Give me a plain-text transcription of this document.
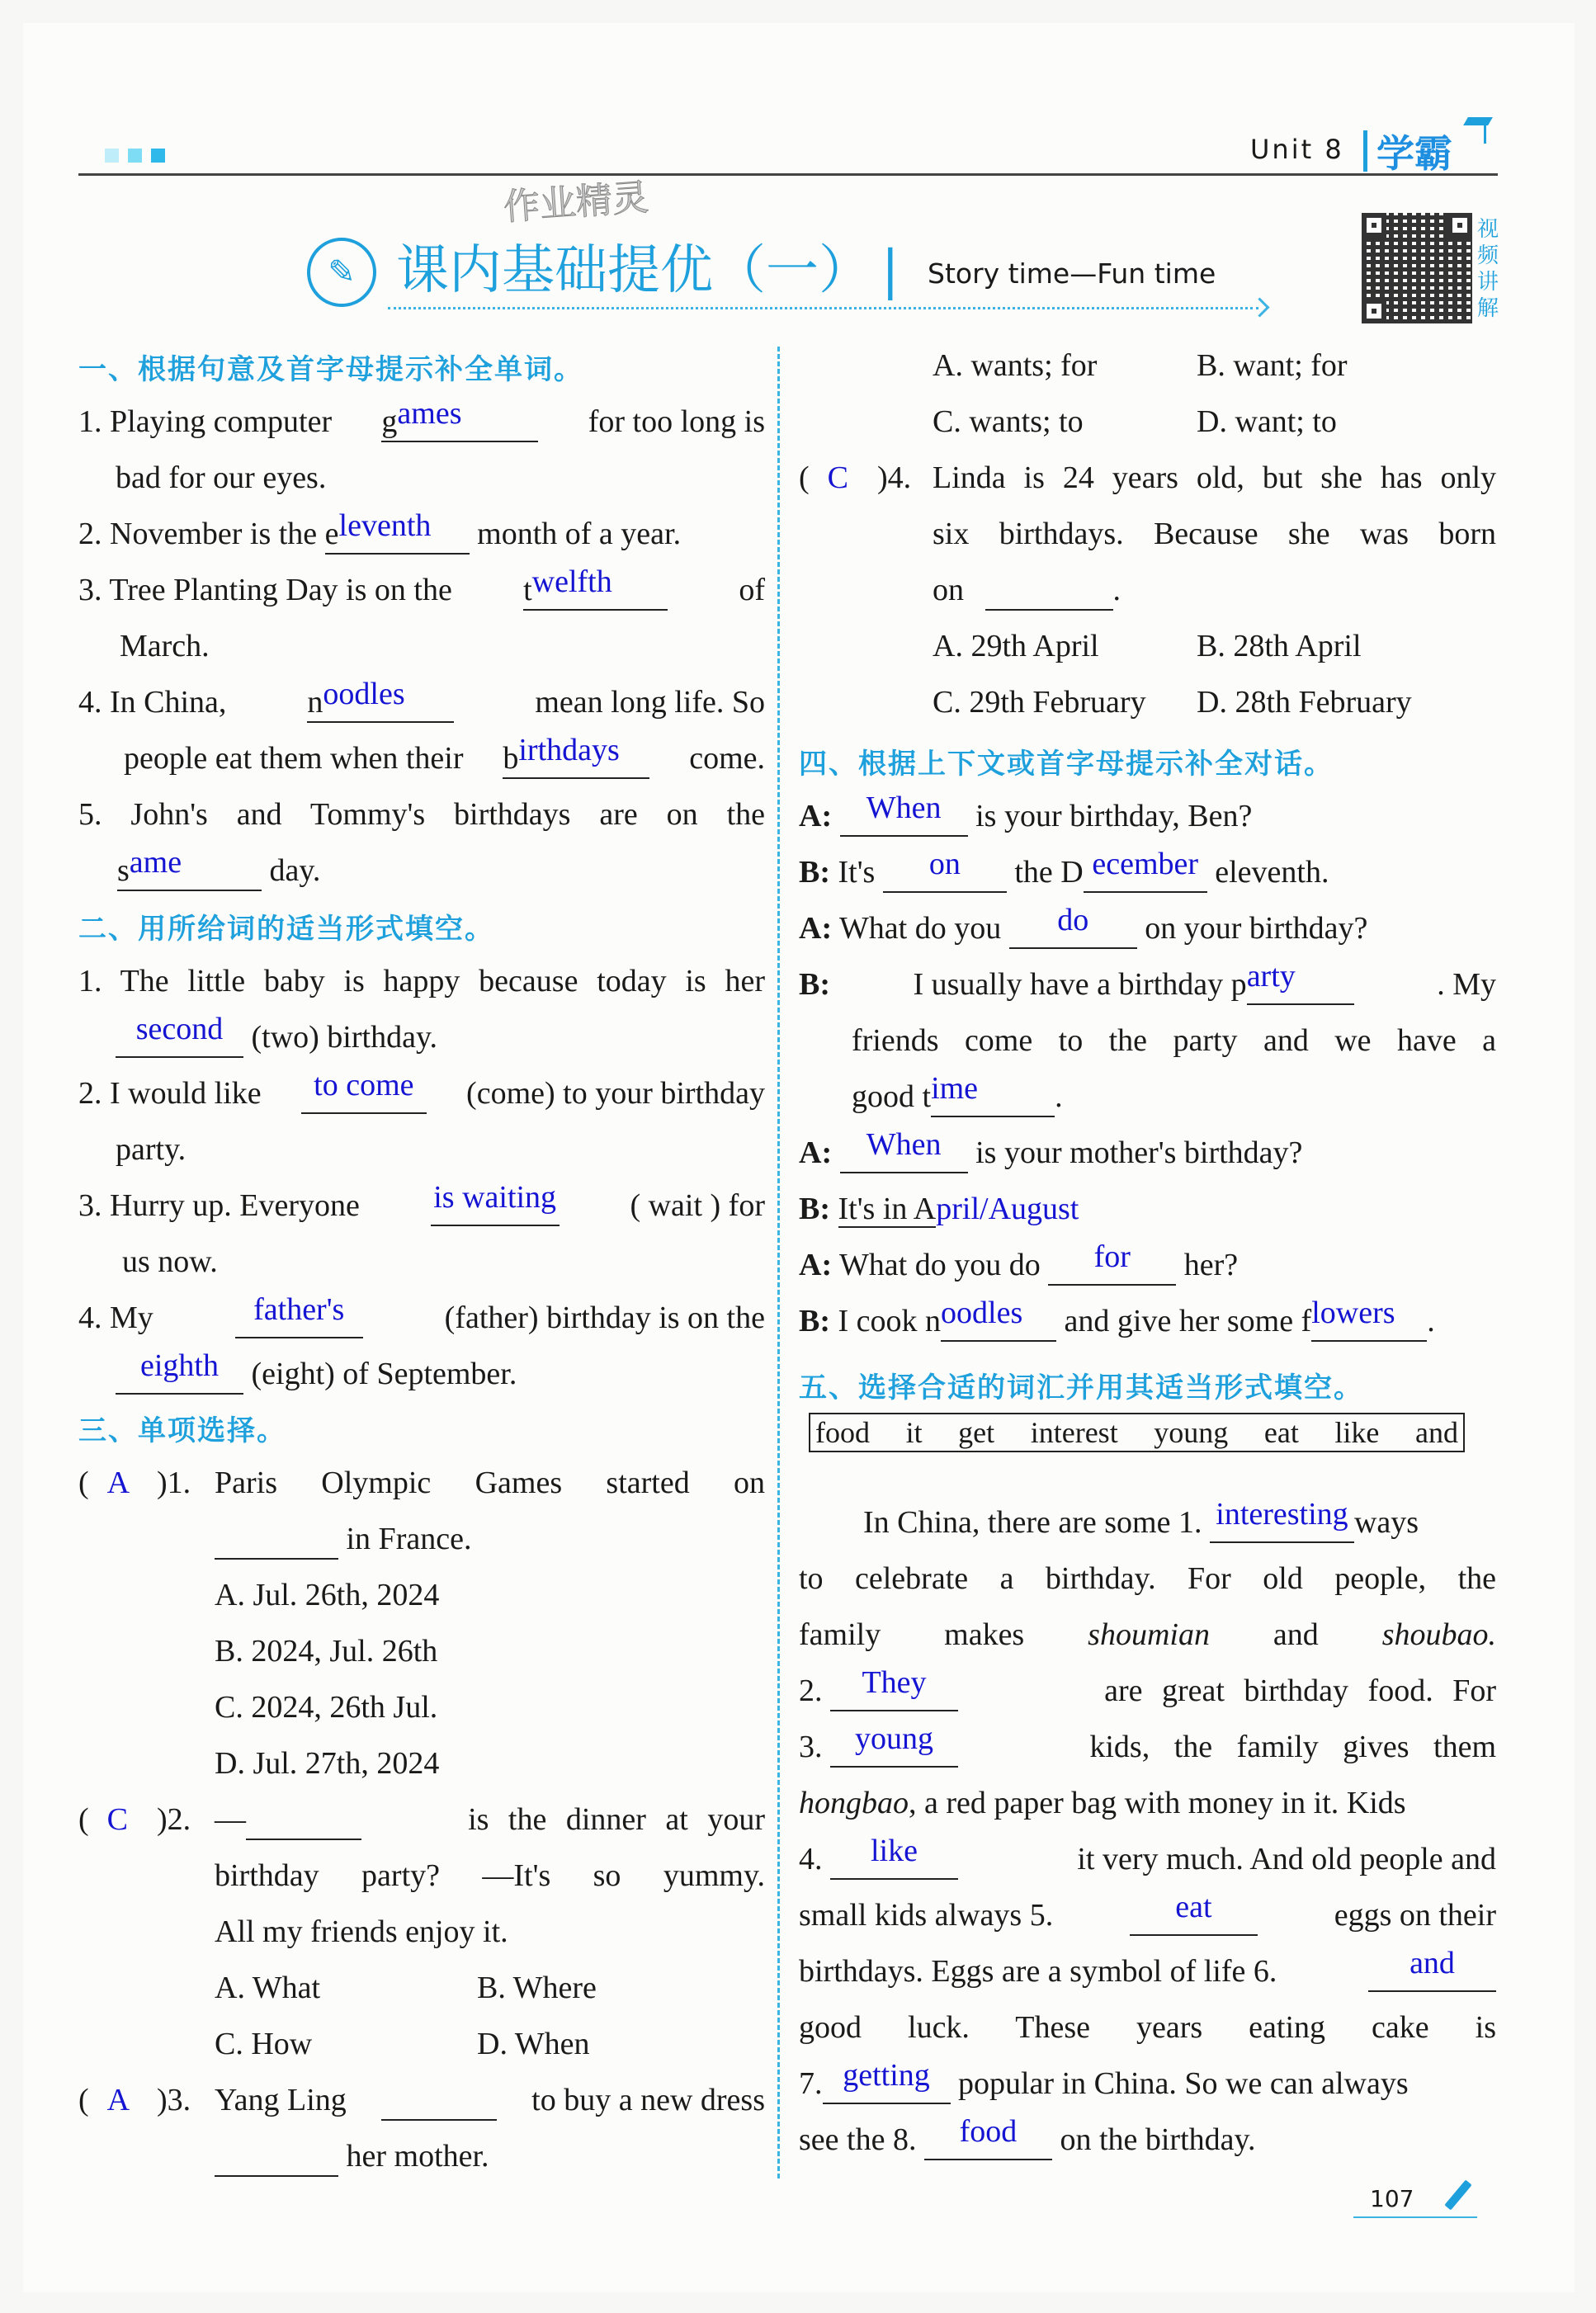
Unit 8 学霸
作业精灵
✎ 课内基础提优（一） | Story time—Fun time
视频讲解
一、根据句意及首字母提示补全单词。
1. Playing computer games	for too long is
bad for our eyes.
2. November is the eleventh month of a year.
3. Tree Planting Day is on the twelfth	of
March.
4. In China,	noodles	mean long life. So
people eat them when their birthdays	come.
5. John's and Tommy's birthdays are on the
same	day.
二、用所给词的适当形式填空。
1. The little baby is happy because today is her
second (two) birthday.
2. I would like	to come	(come) to your birthday
party.
3. Hurry up. Everyone is waiting ( wait ) for
us now.
4. My	father's	(father) birthday is on the
eighth (eight) of September.
三、单项选择。
( A )1. Paris Olympic Games started on
in France.
A. Jul. 26th, 2024
B. 2024, Jul. 26th
C. 2024, 26th Jul.
D. Jul. 27th, 2024
( C )2. —	is the dinner at your
birthday party? —It's so yummy.
All my friends enjoy it.
A. What	B. Where
C. How	D. When
( A )3. Yang Ling
	to buy a new dress
her mother.
A. wants; for	B. want; for
C. wants; to	D. want; to
( C )4. Linda is 24 years old, but she has only
six birthdays. Because she was born
on	.
A. 29th April	B. 28th April
C. 29th February D. 28th February
四、根据上下文或首字母提示补全对话。
A: When is your birthday, Ben?
B: It's on the D ecember eleventh.
A: What do you do on your birthday?
B:	I usually have a birthday party	. My
friends come to the party and we have a
good time .
A: When is your mother's birthday?
B: It's in April/August
A: What do you do for her?
B: I cook noodles and give her some flowers .
五、选择合适的词汇并用其适当形式填空。
food it get interest young eat like and
In China, there are some 1. interesting ways
to celebrate a birthday. For old people, the
family makes shoumian and shoubao.
2. They	are great birthday food. For
3. young	kids, the family gives them
hongbao, a red paper bag with money in it. Kids
4. like	it very much. And old people and
small kids always 5.	eat	eggs on their
birthdays. Eggs are a symbol of life 6.	and
good luck. These years eating cake is
7. getting popular in China. So we can always
see the 8. food on the birthday.
107
